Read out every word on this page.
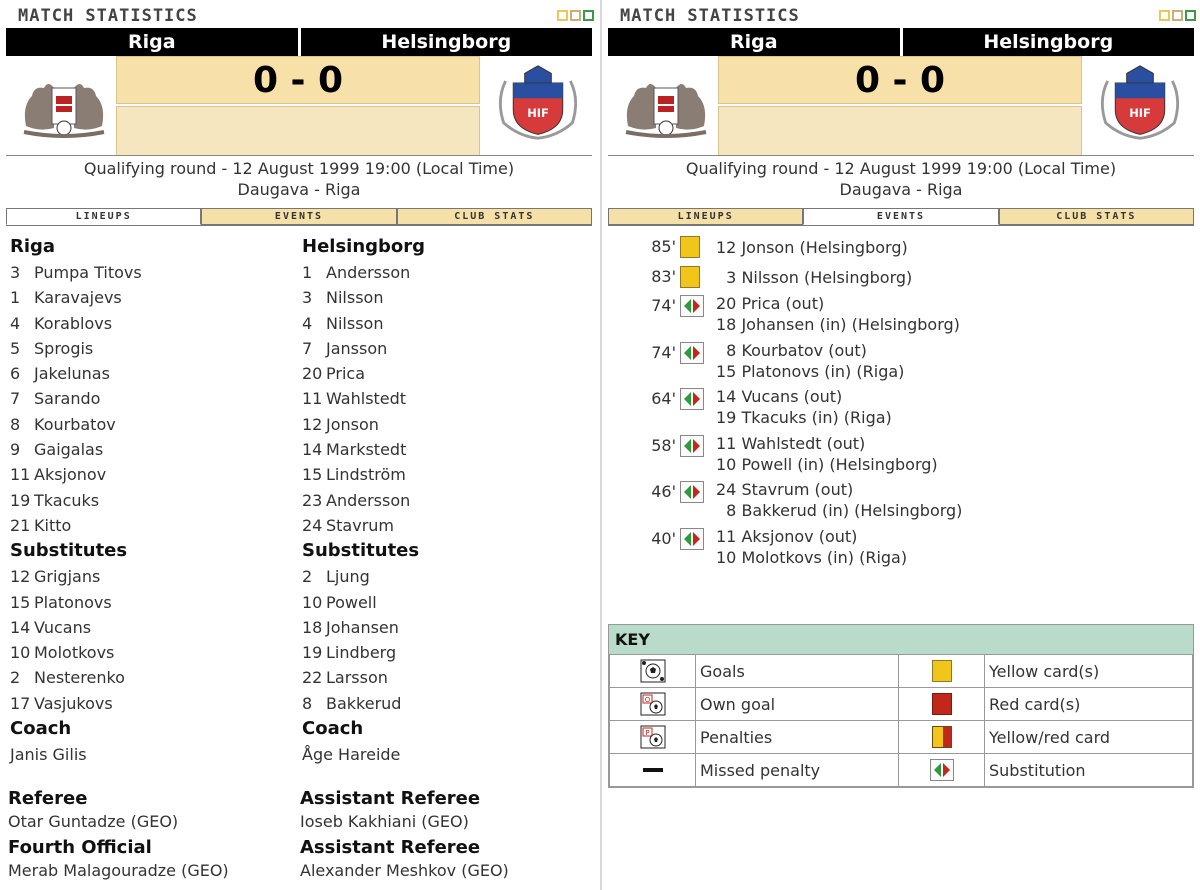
MATCH STATISTICS
Riga	Helsingborg
0 - 0
HIF
Qualifying round - 12 August 1999 19:00 (Local Time)
Daugava - Riga
LINEUPS	EVENTS	CLUB STATS
Riga
3 Pumpa Titovs
1 Karavajevs
4 Korablovs
5 Sprogis
6 Jakelunas
7 Sarando
8 Kourbatov
9 Gaigalas
11 Aksjonov
19 Tkacuks
21 Kitto
Substitutes
12 Grigjans
15 Platonovs
14 Vucans
10 Molotkovs
2 Nesterenko
17 Vasjukovs
Coach
Janis Gilis
Helsingborg
1 Andersson
3 Nilsson
4 Nilsson
7 Jansson
20 Prica
11 Wahlstedt
12 Jonson
14 Markstedt
15 Lindström
23 Andersson
24 Stavrum
Substitutes
2 Ljung
10 Powell
18 Johansen
19 Lindberg
22 Larsson
8 Bakkerud
Coach
Åge Hareide
Referee

Otar Guntadze (GEO)

Assistant Referee

Ioseb Kakhiani (GEO)

Fourth Official

Merab Malagouradze (GEO)

Assistant Referee

Alexander Meshkov (GEO)

MATCH STATISTICS
Riga	Helsingborg
0 - 0
HIF
Qualifying round - 12 August 1999 19:00 (Local Time)
Daugava - Riga
LINEUPS	EVENTS	CLUB STATS
85'	12 Jonson (Helsingborg)
83'	3 Nilsson (Helsingborg)
74'	20 Prica (out)
18 Johansen (in) (Helsingborg)
74'	8 Kourbatov (out)
15 Platonovs (in) (Riga)
64'	14 Vucans (out)
19 Tkacuks (in) (Riga)
58'	11 Wahlstedt (out)
10 Powell (in) (Helsingborg)
46'	24 Stavrum (out)
8 Bakkerud (in) (Helsingborg)
40'	11 Aksjonov (out)
10 Molotkovs (in) (Riga)
KEY
	Goals		Yellow card(s)

O	Own goal		Red card(s)

P	Penalties		Yellow/red card
	Missed penalty		Substitution
